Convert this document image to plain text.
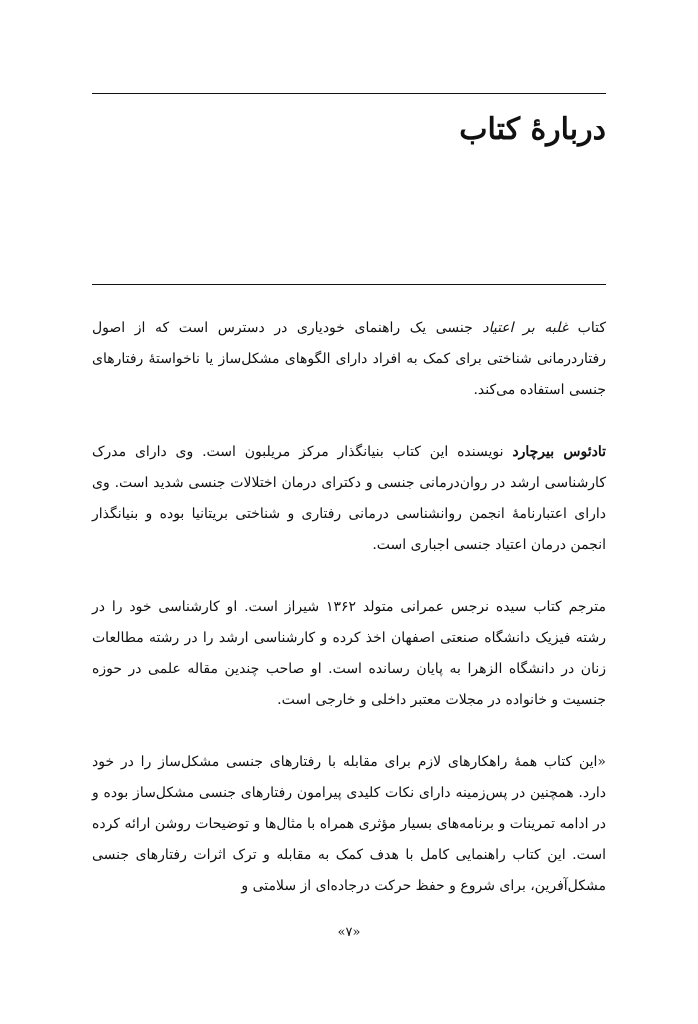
دربارهٔ کتاب

کتاب غلبه بر اعتیاد جنسی یک راهنمای خودیاری در دسترس است که از اصول رفتاردرمانی شناختی برای کمک به افراد دارای الگوهای مشکل‌ساز یا ناخواستهٔ رفتارهای جنسی استفاده می‌کند.

تادئوس بیرچارد نویسنده این کتاب بنیانگذار مرکز مریلبون است. وی دارای مدرک کارشناسی ارشد در روان‌درمانی جنسی و دکترای درمان اختلالات جنسی شدید است. وی دارای اعتبارنامهٔ انجمن روانشناسی درمانی رفتاری و شناختی بریتانیا بوده و بنیانگذار انجمن درمان اعتیاد جنسی اجباری است.

مترجم کتاب سیده نرجس عمرانی متولد ۱۳۶۲ شیراز است. او کارشناسی خود را در رشته فیزیک دانشگاه صنعتی اصفهان اخذ کرده و کارشناسی ارشد را در رشته مطالعات زنان در دانشگاه الزهرا به پایان رسانده است. او صاحب چندین مقاله علمی در حوزه جنسیت و خانواده در مجلات معتبر داخلی و خارجی است.

«این کتاب همهٔ راهکارهای لازم برای مقابله با رفتارهای جنسی مشکل‌ساز را در خود دارد. همچنین در پس‌زمینه دارای نکات کلیدی پیرامون رفتارهای جنسی مشکل‌ساز بوده و در ادامه تمرینات و برنامه‌های بسیار مؤثری همراه با مثال‌ها و توضیحات روشن ارائه کرده است. این کتاب راهنمایی کامل با هدف کمک به مقابله و ترک اثرات رفتارهای جنسی مشکل‌آفرین، برای شروع و حفظ حرکت درجاده‌ای از سلامتی و

«۷»
